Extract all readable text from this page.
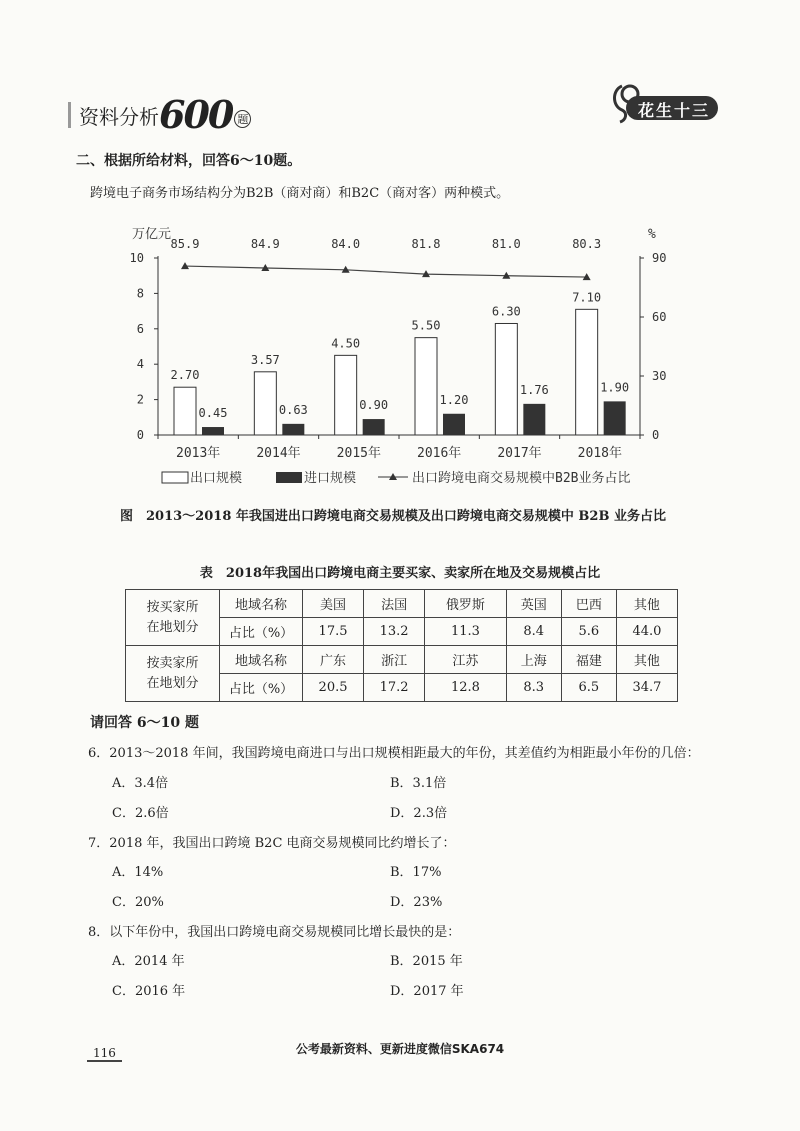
资料分析 600 题	花生十三
二、根据所给材料，回答6～10题。
跨境电子商务市场结构分为B2B（商对商）和B2C（商对客）两种模式。
0
2
4
6
8
10
0
30
60
90
万亿元	%
2013年
2.70
0.45
2014年
3.57
0.63
2015年
4.50
0.90
2016年
5.50
1.20
2017年
6.30
1.76
2018年
7.10
1.90
85.9	84.9	84.0	81.8	81.0	80.3
出口规模	进口规模	出口跨境电商交易规模中B2B业务占比
图　2013～2018 年我国进出口跨境电商交易规模及出口跨境电商交易规模中 B2B 业务占比
表　2018年我国出口跨境电商主要买家、卖家所在地及交易规模占比
按买家所
在地划分	地域名称	美国	法国	俄罗斯	英国	巴西	其他
	占比（%）	17.5	13.2	11.3	8.4	5.6	44.0

按卖家所
在地划分	地域名称	广东	浙江	江苏	上海	福建	其他
	占比（%）	20.5	17.2	12.8	8.3	6.5	34.7
请回答 6～10 题
6．2013～2018 年间，我国跨境电商进口与出口规模相距最大的年份，其差值约为相距最小年份的几倍：
A．3.4倍	B．3.1倍
C．2.6倍	D．2.3倍
7．2018 年，我国出口跨境 B2C 电商交易规模同比约增长了：
A．14%	B．17%
C．20%	D．23%
8．以下年份中，我国出口跨境电商交易规模同比增长最快的是：
A．2014 年	B．2015 年
C．2016 年	D．2017 年
公考最新资料、更新进度微信SKA674
116
